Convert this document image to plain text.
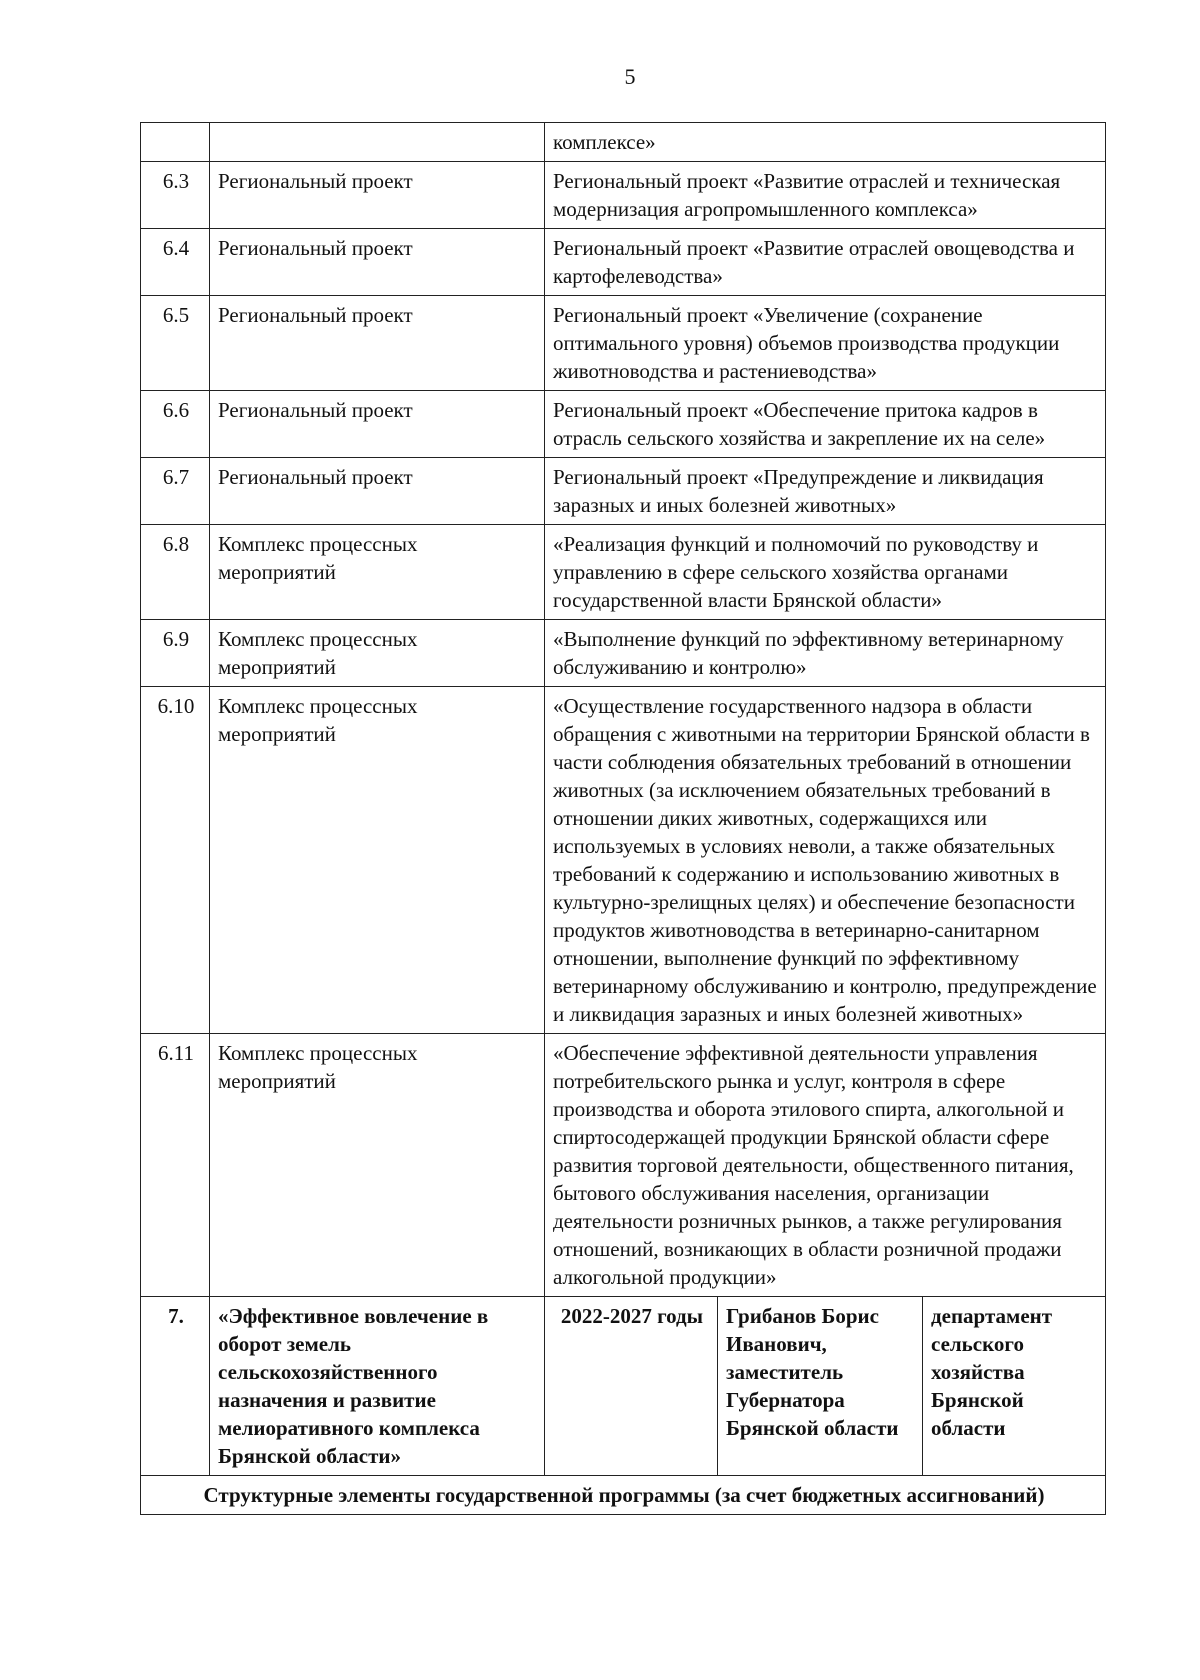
5
		комплексе»		
6.3	Региональный проект	Региональный проект «Развитие отраслей и техническая модернизация агропромышленного комплекса»		
6.4	Региональный проект	Региональный проект «Развитие отраслей овощеводства и картофелеводства»		
6.5	Региональный проект	Региональный проект «Увеличение (сохранение оптимального уровня) объемов производства продукции животноводства и растениеводства»		
6.6	Региональный проект	Региональный проект «Обеспечение притока кадров в отрасль сельского хозяйства и закрепление их на селе»		
6.7	Региональный проект	Региональный проект «Предупреждение и ликвидация заразных и иных болезней животных»		
6.8	Комплекс процессных мероприятий	«Реализация функций и полномочий по руководству и управлению в сфере сельского хозяйства органами государственной власти Брянской области»		
6.9	Комплекс процессных мероприятий	«Выполнение функций по эффективному ветеринарному обслуживанию и контролю»		
6.10	Комплекс процессных мероприятий	«Осуществление государственного надзора в области обращения с животными на территории Брянской области в части соблюдения обязательных требований в отношении животных (за исключением обязательных требований в отношении диких животных, содержащихся или используемых в условиях неволи, а также обязательных требований к содержанию и использованию животных в культурно-зрелищных целях) и обеспечение безопасности продуктов животноводства в ветеринарно-санитарном отношении, выполнение функций по эффективному ветеринарному обслуживанию и контролю, предупреждение и ликвидация заразных и иных болезней животных»		
6.11	Комплекс процессных мероприятий	«Обеспечение эффективной деятельности управления потребительского рынка и услуг, контроля в сфере производства и оборота этилового спирта, алкогольной и спиртосодержащей продукции Брянской области сфере развития торговой деятельности, общественного питания, бытового обслуживания населения, организации деятельности розничных рынков, а также регулирования отношений, возникающих в области розничной продажи алкогольной продукции»		
7.	«Эффективное вовлечение в оборот земель сельскохозяйственного назначения и развитие мелиоративного комплекса Брянской области»	2022-2027 годы	Грибанов Борис Иванович, заместитель Губернатора Брянской области	департамент сельского хозяйства Брянской области
Структурные элементы государственной программы (за счет бюджетных ассигнований)				
